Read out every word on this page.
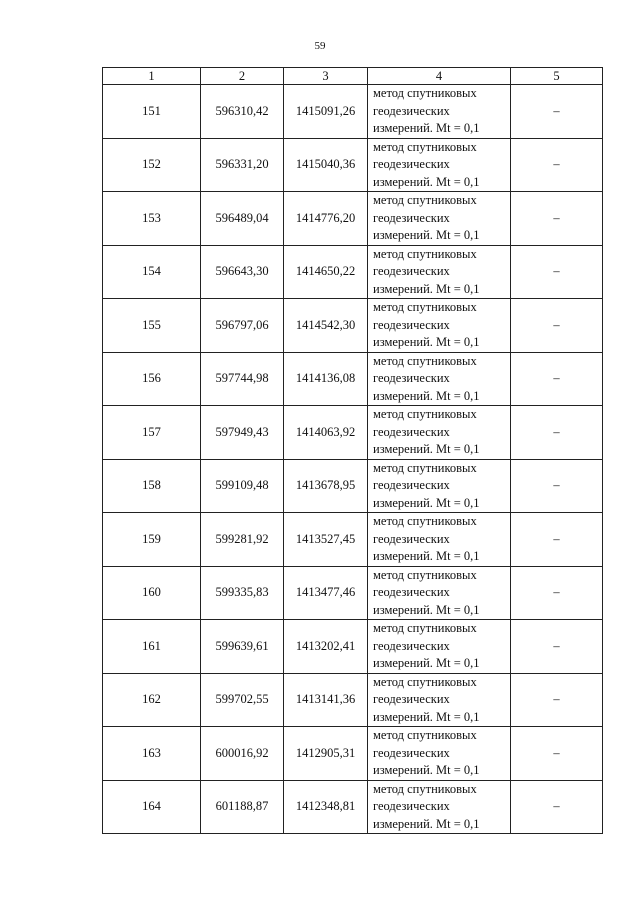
59
1	2	3	4	5
151	596310,42	1415091,26	метод спутниковых
геодезических
измерений. Mt = 0,1	–
152	596331,20	1415040,36	метод спутниковых
геодезических
измерений. Mt = 0,1	–
153	596489,04	1414776,20	метод спутниковых
геодезических
измерений. Mt = 0,1	–
154	596643,30	1414650,22	метод спутниковых
геодезических
измерений. Mt = 0,1	–
155	596797,06	1414542,30	метод спутниковых
геодезических
измерений. Mt = 0,1	–
156	597744,98	1414136,08	метод спутниковых
геодезических
измерений. Mt = 0,1	–
157	597949,43	1414063,92	метод спутниковых
геодезических
измерений. Mt = 0,1	–
158	599109,48	1413678,95	метод спутниковых
геодезических
измерений. Mt = 0,1	–
159	599281,92	1413527,45	метод спутниковых
геодезических
измерений. Mt = 0,1	–
160	599335,83	1413477,46	метод спутниковых
геодезических
измерений. Mt = 0,1	–
161	599639,61	1413202,41	метод спутниковых
геодезических
измерений. Mt = 0,1	–
162	599702,55	1413141,36	метод спутниковых
геодезических
измерений. Mt = 0,1	–
163	600016,92	1412905,31	метод спутниковых
геодезических
измерений. Mt = 0,1	–
164	601188,87	1412348,81	метод спутниковых
геодезических
измерений. Mt = 0,1	–
